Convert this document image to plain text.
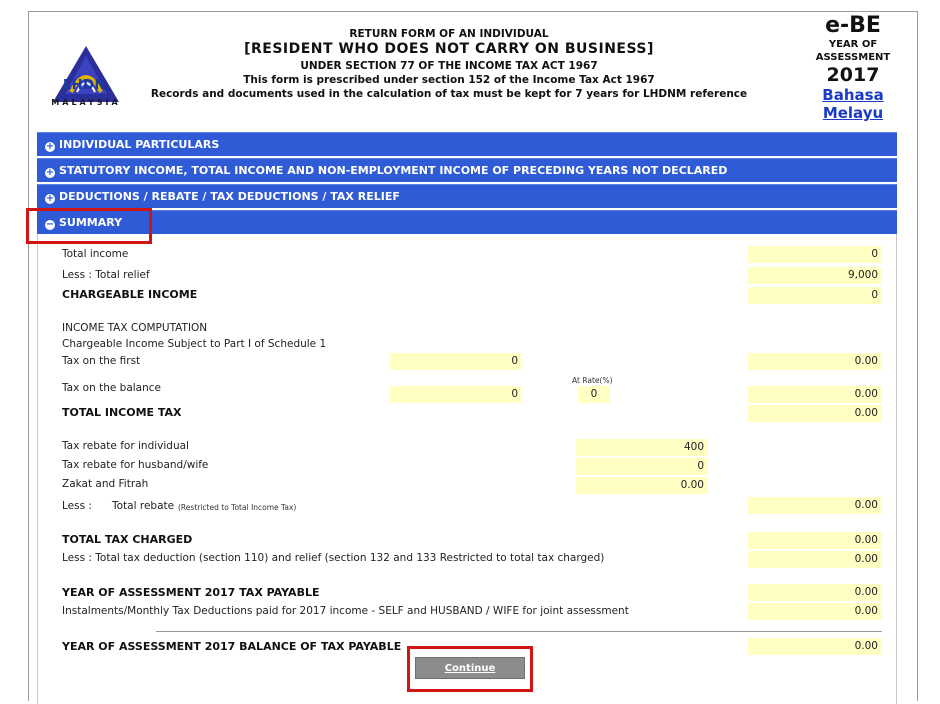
LHDN
MALAYSIA
RETURN FORM OF AN INDIVIDUAL
[RESIDENT WHO DOES NOT CARRY ON BUSINESS]
UNDER SECTION 77 OF THE INCOME TAX ACT 1967
This form is prescribed under section 152 of the Income Tax Act 1967
Records and documents used in the calculation of tax must be kept for 7 years for LHDNM reference
e-BE
YEAR OF
ASSESSMENT
2017
Bahasa
Melayu
+ INDIVIDUAL PARTICULARS
+ STATUTORY INCOME, TOTAL INCOME AND NON-EMPLOYMENT INCOME OF PRECEDING YEARS NOT DECLARED
+ DEDUCTIONS / REBATE / TAX DEDUCTIONS / TAX RELIEF
− SUMMARY
Total income	0
Less : Total relief	9,000
CHARGEABLE INCOME	0
INCOME TAX COMPUTATION
Chargeable Income Subject to Part I of Schedule 1
Tax on the first	0	0.00
At Rate(%)
Tax on the balance	0	0	0.00
TOTAL INCOME TAX	0.00
Tax rebate for individual	400
Tax rebate for husband/wife	0
Zakat and Fitrah	0.00
Less : Total rebate (Restricted to Total Income Tax)	0.00
TOTAL TAX CHARGED	0.00
Less : Total tax deduction (section 110) and relief (section 132 and 133 Restricted to total tax charged)	0.00
YEAR OF ASSESSMENT 2017 TAX PAYABLE	0.00
Instalments/Monthly Tax Deductions paid for 2017 income - SELF and HUSBAND / WIFE for joint assessment	0.00
YEAR OF ASSESSMENT 2017 BALANCE OF TAX PAYABLE	0.00
Continue
